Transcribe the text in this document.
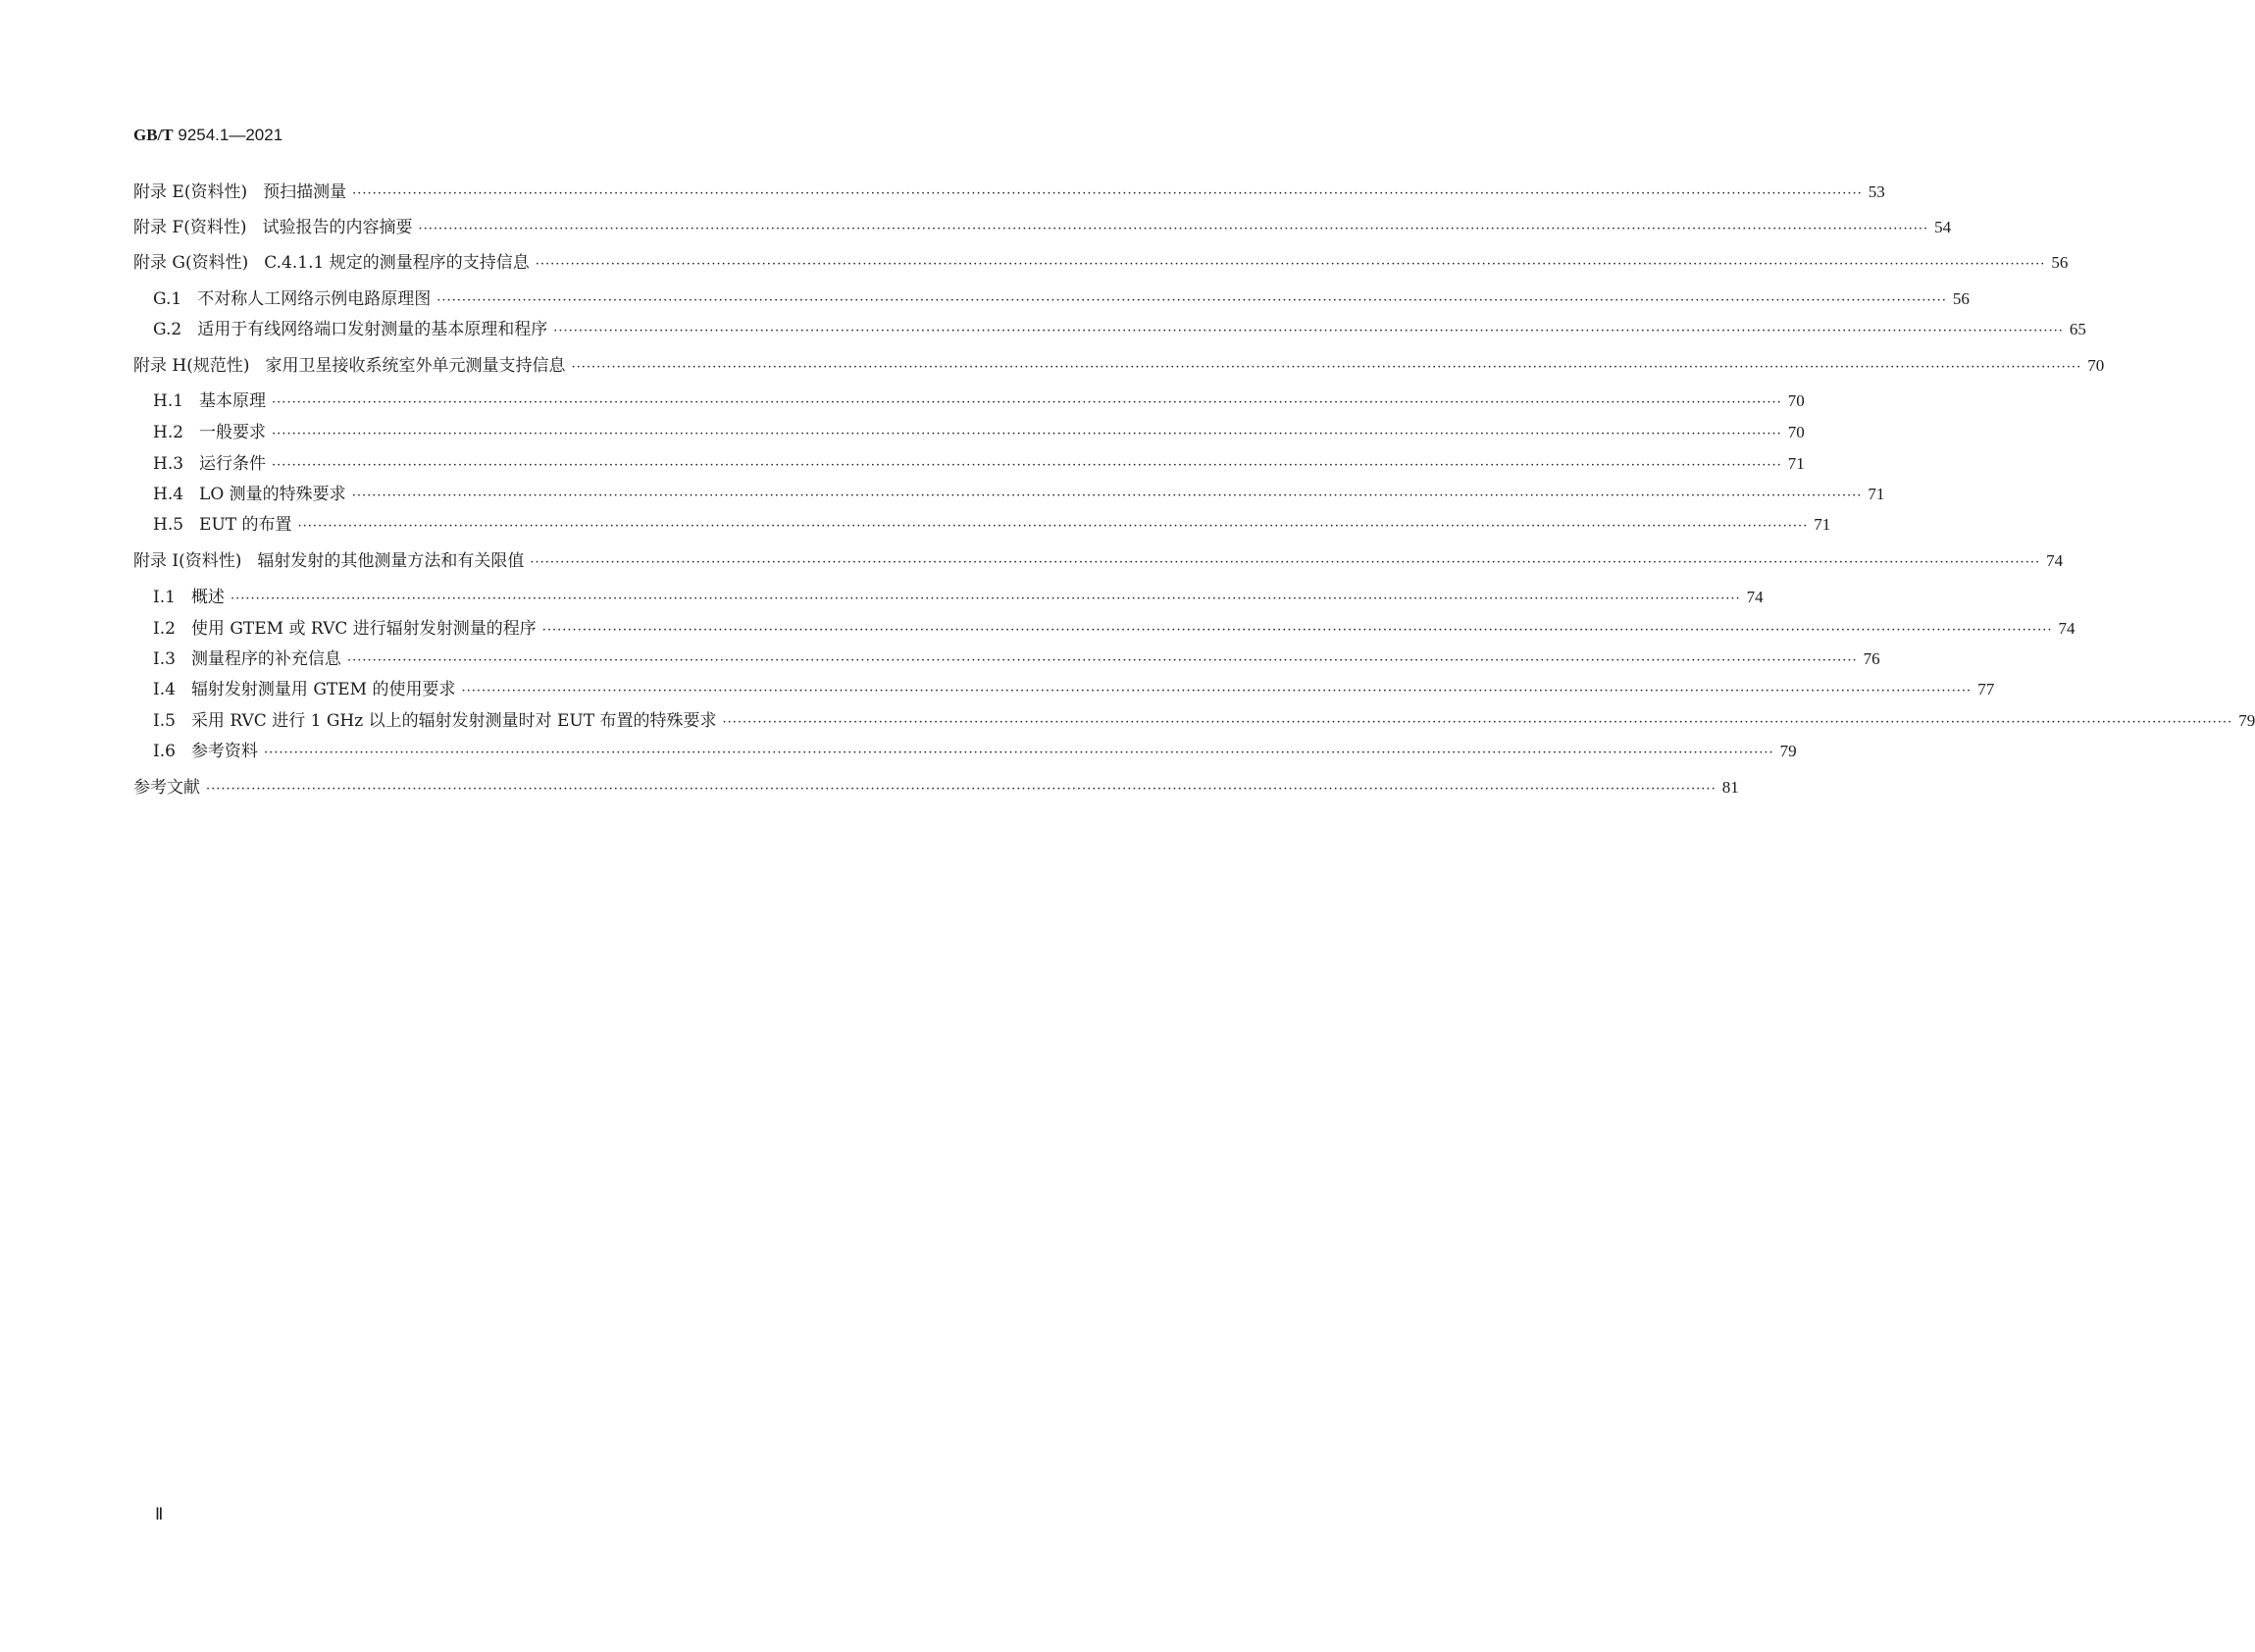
GB/T 9254.1—2021
附录 E(资料性) 预扫描测量 ············································································································································································································································································································ 53
附录 F(资料性) 试验报告的内容摘要 ············································································································································································································································································································ 54
附录 G(资料性) C.4.1.1 规定的测量程序的支持信息 ············································································································································································································································································································ 56
G.1 不对称人工网络示例电路原理图 ············································································································································································································································································································ 56
G.2 适用于有线网络端口发射测量的基本原理和程序 ············································································································································································································································································································ 65
附录 H(规范性) 家用卫星接收系统室外单元测量支持信息 ············································································································································································································································································································ 70
H.1 基本原理 ············································································································································································································································································································ 70
H.2 一般要求 ············································································································································································································································································································ 70
H.3 运行条件 ············································································································································································································································································································ 71
H.4 LO 测量的特殊要求 ············································································································································································································································································································ 71
H.5 EUT 的布置 ············································································································································································································································································································ 71
附录 I(资料性) 辐射发射的其他测量方法和有关限值 ············································································································································································································································································································ 74
I.1 概述 ············································································································································································································································································································ 74
I.2 使用 GTEM 或 RVC 进行辐射发射测量的程序 ············································································································································································································································································································ 74
I.3 测量程序的补充信息 ············································································································································································································································································································ 76
I.4 辐射发射测量用 GTEM 的使用要求 ············································································································································································································································································································ 77
I.5 采用 RVC 进行 1 GHz 以上的辐射发射测量时对 EUT 布置的特殊要求 ············································································································································································································································································································ 79
I.6 参考资料 ············································································································································································································································································································ 79
参考文献 ············································································································································································································································································································ 81
Ⅱ
